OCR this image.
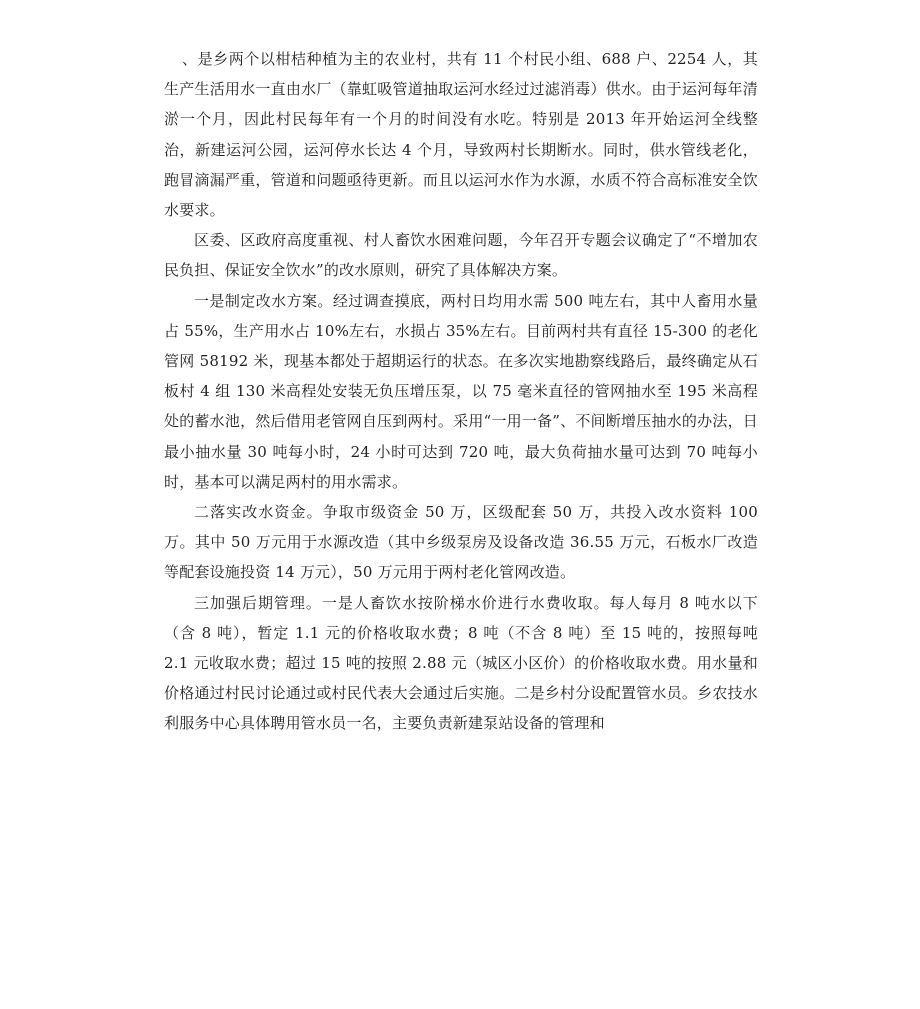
、是乡两个以柑桔种植为主的农业村，共有 11 个村民小组、688 户、2254 人，其生产生活用水一直由水厂（靠虹吸管道抽取运河水经过过滤消毒）供水。由于运河每年清淤一个月，因此村民每年有一个月的时间没有水吃。特别是 2013 年开始运河全线整治，新建运河公园，运河停水长达 4 个月，导致两村长期断水。同时，供水管线老化，跑冒滴漏严重，管道和问题亟待更新。而且以运河水作为水源，水质不符合高标准安全饮水要求。

区委、区政府高度重视、村人畜饮水困难问题，今年召开专题会议确定了“不增加农民负担、保证安全饮水”的改水原则，研究了具体解决方案。

一是制定改水方案。经过调查摸底，两村日均用水需 500 吨左右，其中人畜用水量占 55%，生产用水占 10%左右，水损占 35%左右。目前两村共有直径 15-300 的老化管网 58192 米，现基本都处于超期运行的状态。在多次实地勘察线路后，最终确定从石板村 4 组 130 米高程处安装无负压增压泵，以 75 毫米直径的管网抽水至 195 米高程处的蓄水池，然后借用老管网自压到两村。采用“一用一备”、不间断增压抽水的办法，日最小抽水量 30 吨每小时，24 小时可达到 720 吨，最大负荷抽水量可达到 70 吨每小时，基本可以满足两村的用水需求。

二落实改水资金。争取市级资金 50 万，区级配套 50 万，共投入改水资料 100 万。其中 50 万元用于水源改造（其中乡级泵房及设备改造 36.55 万元，石板水厂改造等配套设施投资 14 万元），50 万元用于两村老化管网改造。

三加强后期管理。一是人畜饮水按阶梯水价进行水费收取。每人每月 8 吨水以下（含 8 吨），暂定 1.1 元的价格收取水费；8 吨（不含 8 吨）至 15 吨的，按照每吨 2.1 元收取水费；超过 15 吨的按照 2.88 元（城区小区价）的价格收取水费。用水量和价格通过村民讨论通过或村民代表大会通过后实施。二是乡村分设配置管水员。乡农技水利服务中心具体聘用管水员一名，主要负责新建泵站设备的管理和
